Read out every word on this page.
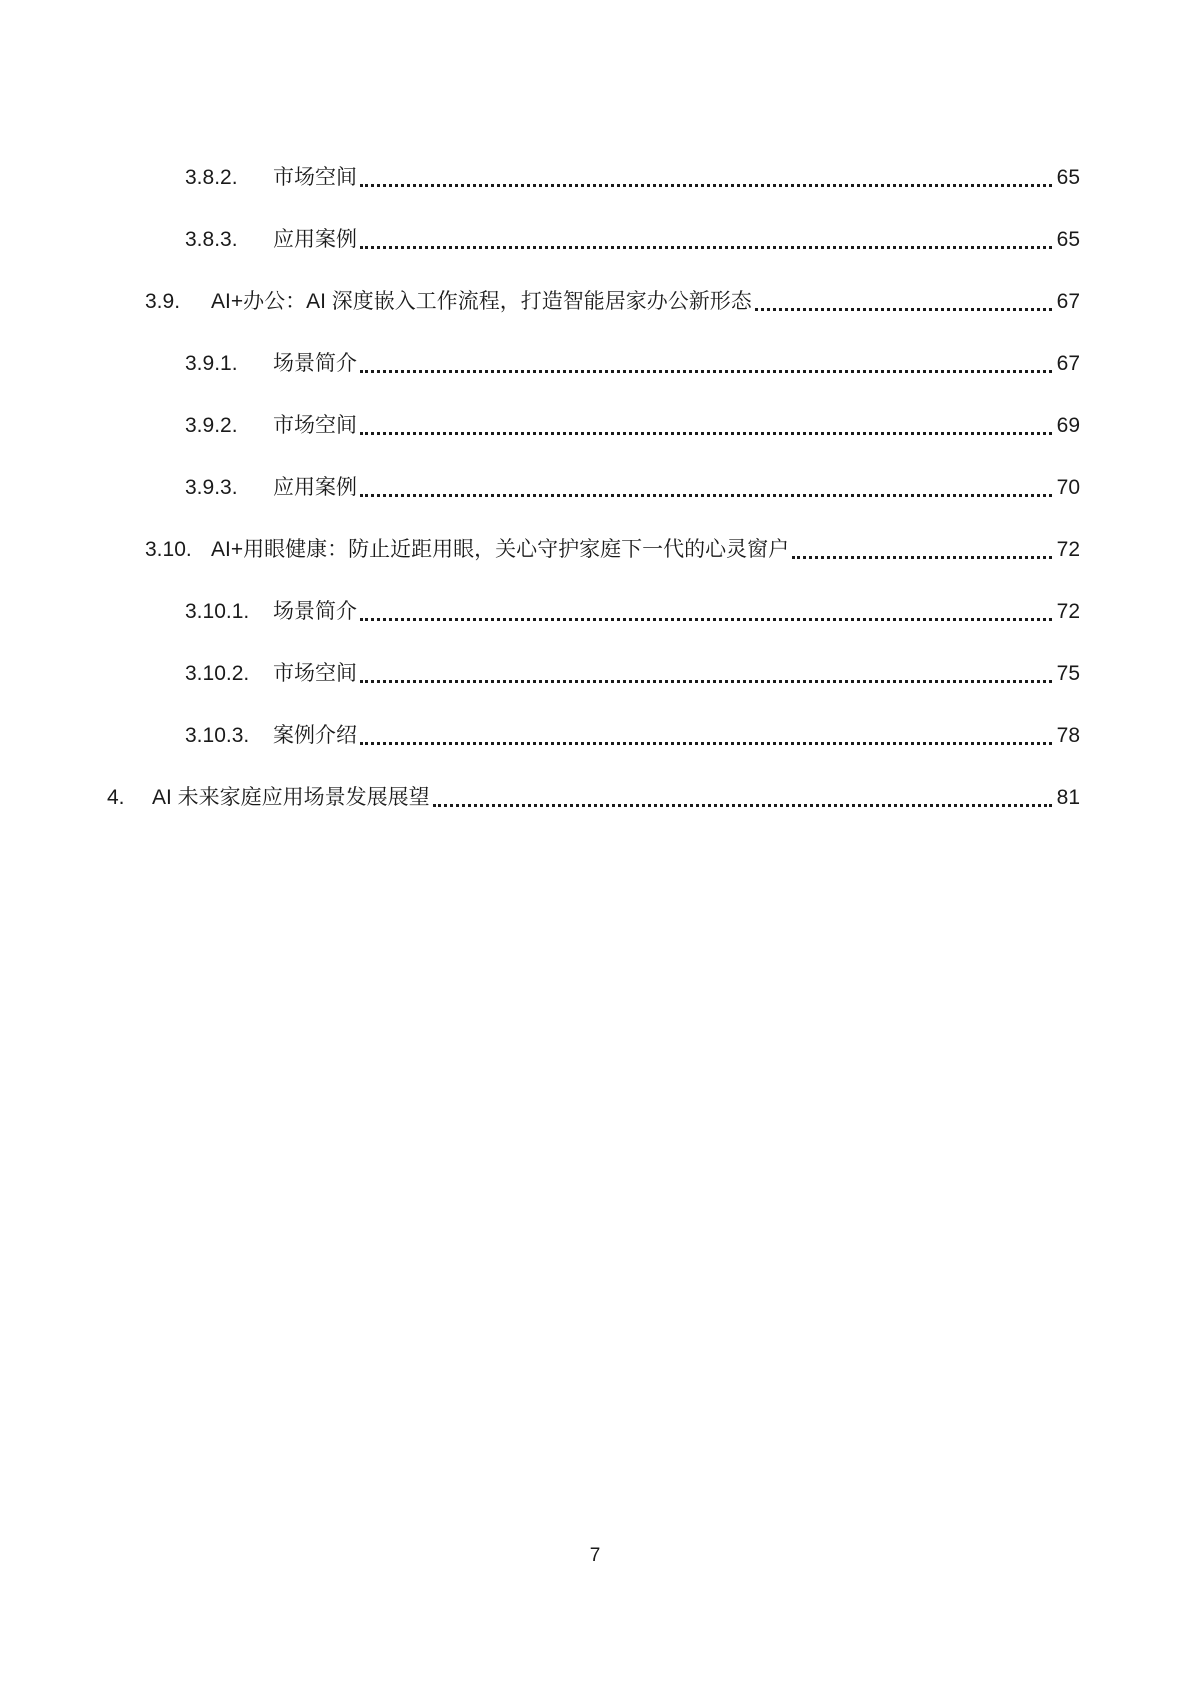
3.8.2.	市场空间	65
3.8.3.	应用案例	65
3.9.	AI+办公：AI 深度嵌入工作流程，打造智能居家办公新形态	67
3.9.1.	场景简介	67
3.9.2.	市场空间	69
3.9.3.	应用案例	70
3.10. AI+用眼健康：防止近距用眼，关心守护家庭下一代的心灵窗户	72
3.10.1.	场景简介	72
3.10.2.	市场空间	75
3.10.3.	案例介绍	78
4.	AI 未来家庭应用场景发展展望	81
7
